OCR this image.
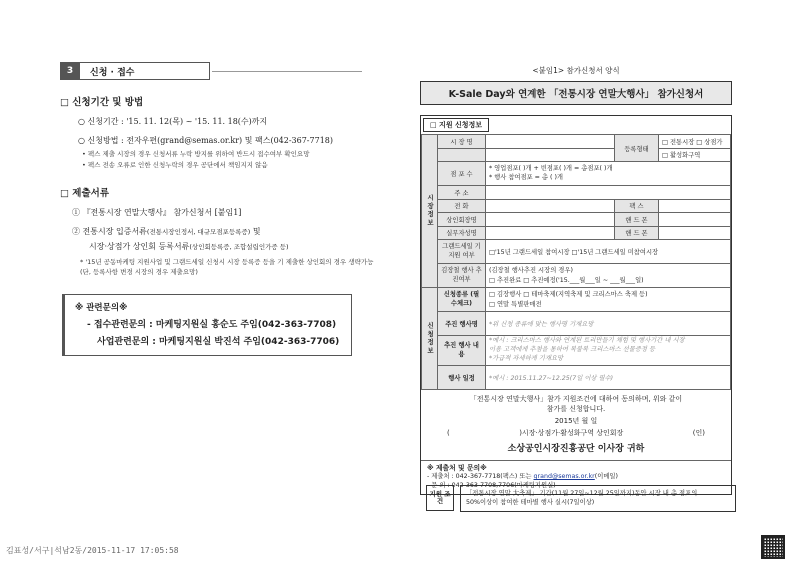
3	신청 · 접수
□ 신청기간 및 방법
○ 신청기간 : '15. 11. 12(목) ~ '15. 11. 18(수)까지
○ 신청방법 : 전자우편(grand@semas.or.kr) 및 팩스(042-367-7718)
• 팩스 제출 시장의 경우 신청서류 누락 방지를 위하여 반드시 접수여부 확인요망
• 팩스 전송 오류로 인한 신청누락의 경우 공단에서 책임지지 않음
□ 제출서류
① 『전통시장 연말大행사』 참가신청서 [붙임1]
② 전통시장 입증서류(전통시장인정서, 대규모점포등록증) 및
시장·상점가 상인회 등록서류(상인회등록증, 조합설립인가증 등)
* '15년 공동마케팅 지원사업 및 그랜드세일 신청시 시장 등록증 등을 기 제출한 상인회의 경우 생략가능(단, 등록사항 변경 시장의 경우 제출요망)
※ 관련문의※
- 접수관련문의 : 마케팅지원실 홍순도 주임(042-363-7708)
사업관련문의 : 마케팅지원실 박진석 주임(042-363-7706)
<붙임1> 참가신청서 양식
K-Sale Day와 연계한 「전통시장 연말大행사」 참가신청서
□ 지원 신청정보
시장정보	시 장 명		등록형태	□ 전통시장 □ 상점가
				□ 활성화구역
	점 포 수	* 영업점포( )개 + 빈점포( )개 = 총점포( )개
* 행사 참여점포 = 총 ( )개		

	주 소			
	전 화		팩 스	
	상인회장명		핸 드 폰	
	실무자성명		핸 드 폰	
	그랜드세일 기지원 여부	□'15년 그랜드세일 참여시장 □'15년 그랜드세일 미참여시장		
	김장철 행사 추진여부	(김장철 행사추진 시장의 경우)
□ 추진완료 □ 추진예정('15.___월___일 ~ ___월___일)		

신청정보	신청종류 (필수체크)	□ 김장행사 □ 테마축제(지역축제 및 크리스마스 축제 등)
□ 연말 특별판매전		

	주진 행사명	*위 신청 종류에 맞는 행사명 기재요망		
	추진 행사 내 용	*예시 : 크리스마스 행사와 연계된 트리만들기 체험 및 행사기간 내 시장
이용 고객에게 추첨을 통하여 복불복 크리스마스 선물증정 등
*가급적 자세하게 기재요망		

	행사 일정	*예시 : 2015.11.27~12.25(7일 이상 필수)		
「전통시장 연말大행사」참가 지원조건에 대하여 동의하며, 위와 같이
참가를 신청합니다.
2015년 월 일
(	)시장·상점가·활성화구역 상인회장	(인)
소상공인시장진흥공단 이사장 귀하
※ 제출처 및 문의※
- 제출처 : 042-367-7718(팩스) 또는 grand@semas.or.kr(이메일)
- 문 의 : 042-363-7708,7706(마케팅지원실)
지원 조건
「전통시장 연말 大축제」 기간(11월 27일~12월 25일까지)동안 시장 내 총 점포의
50%이상이 참여한 테마별 행사 실시(7일이상)
김표성/서구|석남2동/2015-11-17 17:05:58
